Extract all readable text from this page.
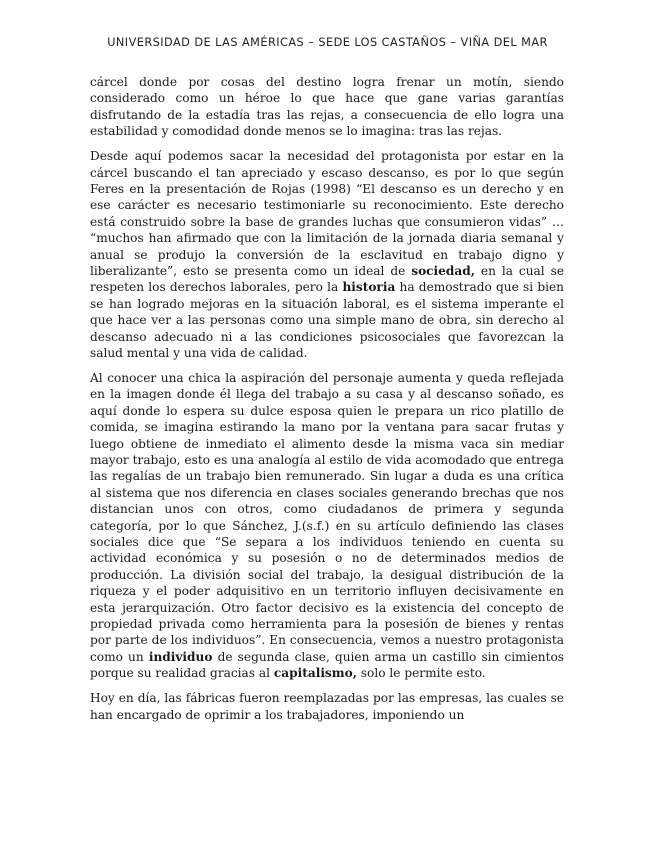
UNIVERSIDAD DE LAS AMÉRICAS – SEDE LOS CASTAÑOS – VIÑA DEL MAR

cárcel donde por cosas del destino logra frenar un motín, siendo considerado como un héroe lo que hace que gane varias garantías disfrutando de la estadía tras las rejas, a consecuencia de ello logra una estabilidad y comodidad donde menos se lo imagina: tras las rejas.

Desde aquí podemos sacar la necesidad del protagonista por estar en la cárcel buscando el tan apreciado y escaso descanso, es por lo que según Feres en la presentación de Rojas (1998) “El descanso es un derecho y en ese carácter es necesario testimoniarle su reconocimiento. Este derecho está construido sobre la base de grandes luchas que consumieron vidas” … “muchos han afirmado que con la limitación de la jornada diaria semanal y anual se produjo la conversión de la esclavitud en trabajo digno y liberalizante”, esto se presenta como un ideal de sociedad, en la cual se respeten los derechos laborales, pero la historia ha demostrado que si bien se han logrado mejoras en la situación laboral, es el sistema imperante el que hace ver a las personas como una simple mano de obra, sin derecho al descanso adecuado ni a las condiciones psicosociales que favorezcan la salud mental y una vida de calidad.

Al conocer una chica la aspiración del personaje aumenta y queda reflejada en la imagen donde él llega del trabajo a su casa y al descanso soñado, es aquí donde lo espera su dulce esposa quien le prepara un rico platillo de comida, se imagina estirando la mano por la ventana para sacar frutas y luego obtiene de inmediato el alimento desde la misma vaca sin mediar mayor trabajo, esto es una analogía al estilo de vida acomodado que entrega las regalías de un trabajo bien remunerado. Sin lugar a duda es una crítica al sistema que nos diferencia en clases sociales generando brechas que nos distancian unos con otros, como ciudadanos de primera y segunda categoría, por lo que Sánchez, J.(s.f.) en su artículo definiendo las clases sociales dice que “Se separa a los individuos teniendo en cuenta su actividad económica y su posesión o no de determinados medios de producción. La división social del trabajo, la desigual distribución de la riqueza y el poder adquisitivo en un territorio influyen decisivamente en esta jerarquización. Otro factor decisivo es la existencia del concepto de propiedad privada como herramienta para la posesión de bienes y rentas por parte de los individuos”. En consecuencia, vemos a nuestro protagonista como un individuo de segunda clase, quien arma un castillo sin cimientos porque su realidad gracias al capitalismo, solo le permite esto.

Hoy en día, las fábricas fueron reemplazadas por las empresas, las cuales se han encargado de oprimir a los trabajadores, imponiendo un
